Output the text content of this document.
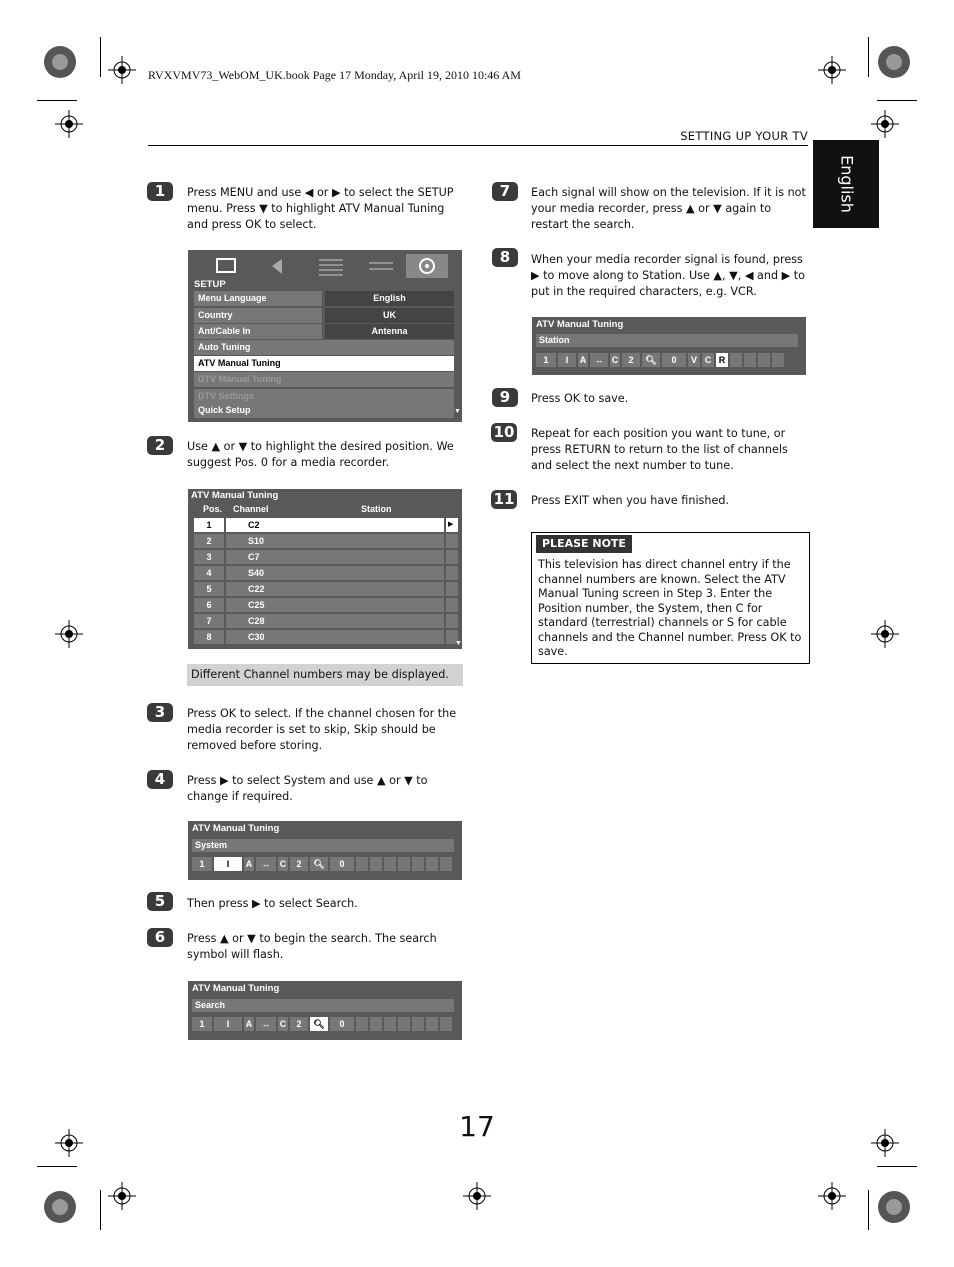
RVXVMV73_WebOM_UK.book Page 17 Monday, April 19, 2010 10:46 AM
SETTING UP YOUR TV
English
1	Press MENU and use ◀ or ▶ to select the SETUP menu. Press ▼ to highlight ATV Manual Tuning and press OK to select.
SETUP
Menu Language	English
Country	UK
Ant/Cable In	Antenna
Auto Tuning
ATV Manual Tuning
DTV Manual Tuning
DTV Settings
Quick Setup	▼
2	Use ▲ or ▼ to highlight the desired position. We suggest Pos. 0 for a media recorder.
ATV Manual Tuning
Pos. Channel	Station
1	C2
2	S10
3	C7
4	S40
5	C22
6	C25
7	C28
8	C30
▶
▼
Different Channel numbers may be displayed.
3	Press OK to select. If the channel chosen for the media recorder is set to skip, Skip should be removed before storing.
4	Press ▶ to select System and use ▲ or ▼ to change if required.
ATV Manual Tuning
System
1	I	A	↔	C	2	🔍︎	0
5	Then press ▶ to select Search.
6	Press ▲ or ▼ to begin the search. The search symbol will flash.
ATV Manual Tuning
Search
1	I	A	↔	C	2	🔍︎	0
7	Each signal will show on the television. If it is not your media recorder, press ▲ or ▼ again to restart the search.
8	When your media recorder signal is found, press ▶ to move along to Station. Use ▲, ▼, ◀ and ▶ to put in the required characters, e.g. VCR.
ATV Manual Tuning
Station
1	I	A ↔ C	2	🔍︎	0	V C R
9	Press OK to save.
10 Repeat for each position you want to tune, or press RETURN to return to the list of channels and select the next number to tune.
11 Press EXIT when you have finished.
PLEASE NOTE
This television has direct channel entry if the channel numbers are known. Select the ATV Manual Tuning screen in Step 3. Enter the Position number, the System, then C for standard (terrestrial) channels or S for cable channels and the Channel number. Press OK to save.
17
